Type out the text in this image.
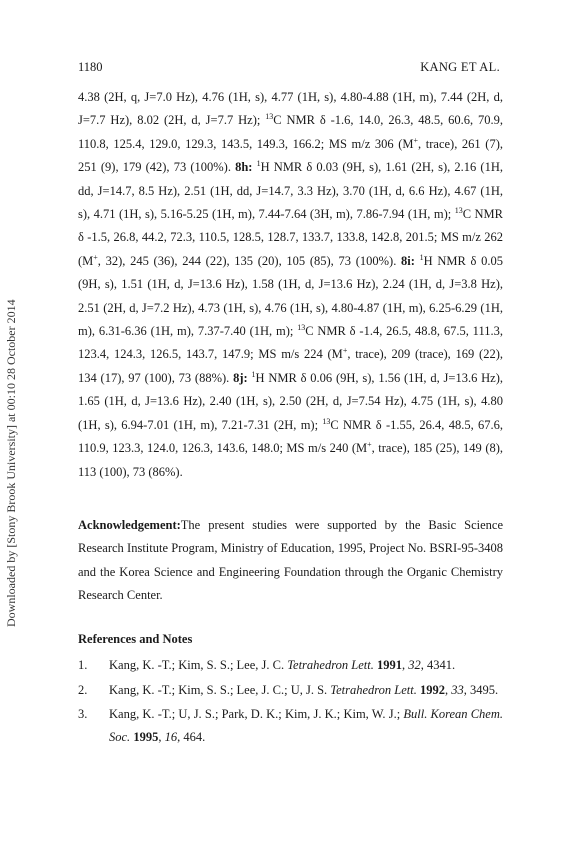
1180	KANG ET AL.
Downloaded by [Stony Brook University] at 00:10 28 October 2014
4.38 (2H, q, J=7.0 Hz), 4.76 (1H, s), 4.77 (1H, s), 4.80-4.88 (1H, m), 7.44 (2H, d, J=7.7 Hz), 8.02 (2H, d, J=7.7 Hz); $^{13}$C NMR δ -1.6, 14.0, 26.3, 48.5, 60.6, 70.9, 110.8, 125.4, 129.0, 129.3, 143.5, 149.3, 166.2; MS m/z 306 (M+, trace), 261 (7), 251 (9), 179 (42), 73 (100%). 8h: $^1$H NMR δ 0.03 (9H, s), 1.61 (2H, s), 2.16 (1H, dd, J=14.7, 8.5 Hz), 2.51 (1H, dd, J=14.7, 3.3 Hz), 3.70 (1H, d, 6.6 Hz), 4.67 (1H, s), 4.71 (1H, s), 5.16-5.25 (1H, m), 7.44-7.64 (3H, m), 7.86-7.94 (1H, m); $^{13}$C NMR δ -1.5, 26.8, 44.2, 72.3, 110.5, 128.5, 128.7, 133.7, 133.8, 142.8, 201.5; MS m/z 262 (M+, 32), 245 (36), 244 (22), 135 (20), 105 (85), 73 (100%). 8i: $^1$H NMR δ 0.05 (9H, s), 1.51 (1H, d, J=13.6 Hz), 1.58 (1H, d, J=13.6 Hz), 2.24 (1H, d, J=3.8 Hz), 2.51 (2H, d, J=7.2 Hz), 4.73 (1H, s), 4.76 (1H, s), 4.80-4.87 (1H, m), 6.25-6.29 (1H, m), 6.31-6.36 (1H, m), 7.37-7.40 (1H, m); $^{13}$C NMR δ -1.4, 26.5, 48.8, 67.5, 111.3, 123.4, 124.3, 126.5, 143.7, 147.9; MS m/s 224 (M+, trace), 209 (trace), 169 (22), 134 (17), 97 (100), 73 (88%). 8j: $^1$H NMR δ 0.06 (9H, s), 1.56 (1H, d, J=13.6 Hz), 1.65 (1H, d, J=13.6 Hz), 2.40 (1H, s), 2.50 (2H, d, J=7.54 Hz), 4.75 (1H, s), 4.80 (1H, s), 6.94-7.01 (1H, m), 7.21-7.31 (2H, m); $^{13}$C NMR δ -1.55, 26.4, 48.5, 67.6, 110.9, 123.3, 124.0, 126.3, 143.6, 148.0; MS m/s 240 (M+, trace), 185 (25), 149 (8), 113 (100), 73 (86%).
Acknowledgement:The present studies were supported by the Basic Science Research Institute Program, Ministry of Education, 1995, Project No. BSRI-95-3408 and the Korea Science and Engineering Foundation through the Organic Chemistry Research Center.
References and Notes
1.	Kang, K. -T.; Kim, S. S.; Lee, J. C. Tetrahedron Lett. 1991, 32, 4341.
2.	Kang, K. -T.; Kim, S. S.; Lee, J. C.; U, J. S. Tetrahedron Lett. 1992, 33, 3495.
3.	Kang, K. -T.; U, J. S.; Park, D. K.; Kim, J. K.; Kim, W. J.; Bull. Korean Chem. Soc. 1995, 16, 464.
